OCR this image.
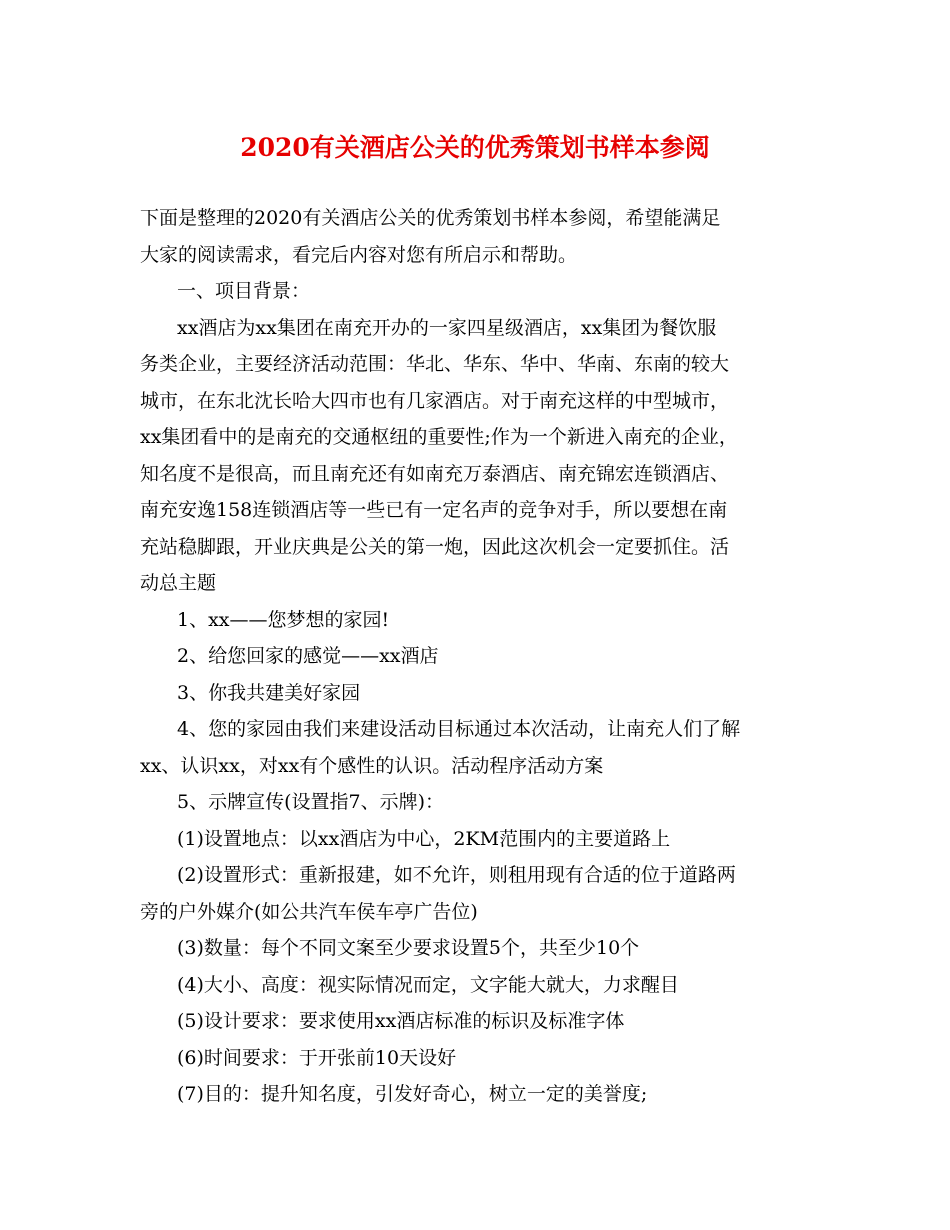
2020有关酒店公关的优秀策划书样本参阅
下面是整理的2020有关酒店公关的优秀策划书样本参阅，希望能满足
大家的阅读需求，看完后内容对您有所启示和帮助。
一、项目背景：
xx酒店为xx集团在南充开办的一家四星级酒店，xx集团为餐饮服
务类企业，主要经济活动范围：华北、华东、华中、华南、东南的较大
城市，在东北沈长哈大四市也有几家酒店。对于南充这样的中型城市，
xx集团看中的是南充的交通枢纽的重要性;作为一个新进入南充的企业，
知名度不是很高，而且南充还有如南充万泰酒店、南充锦宏连锁酒店、
南充安逸158连锁酒店等一些已有一定名声的竞争对手，所以要想在南
充站稳脚跟，开业庆典是公关的第一炮，因此这次机会一定要抓住。活
动总主题
1、xx——您梦想的家园!
2、给您回家的感觉——xx酒店
3、你我共建美好家园
4、您的家园由我们来建设活动目标通过本次活动，让南充人们了解
xx、认识xx，对xx有个感性的认识。活动程序活动方案
5、示牌宣传(设置指7、示牌)：
(1)设置地点：以xx酒店为中心，2KM范围内的主要道路上
(2)设置形式：重新报建，如不允许，则租用现有合适的位于道路两
旁的户外媒介(如公共汽车侯车亭广告位)
(3)数量：每个不同文案至少要求设置5个，共至少10个
(4)大小、高度：视实际情况而定，文字能大就大，力求醒目
(5)设计要求：要求使用xx酒店标准的标识及标准字体
(6)时间要求：于开张前10天设好
(7)目的：提升知名度，引发好奇心，树立一定的美誉度;
